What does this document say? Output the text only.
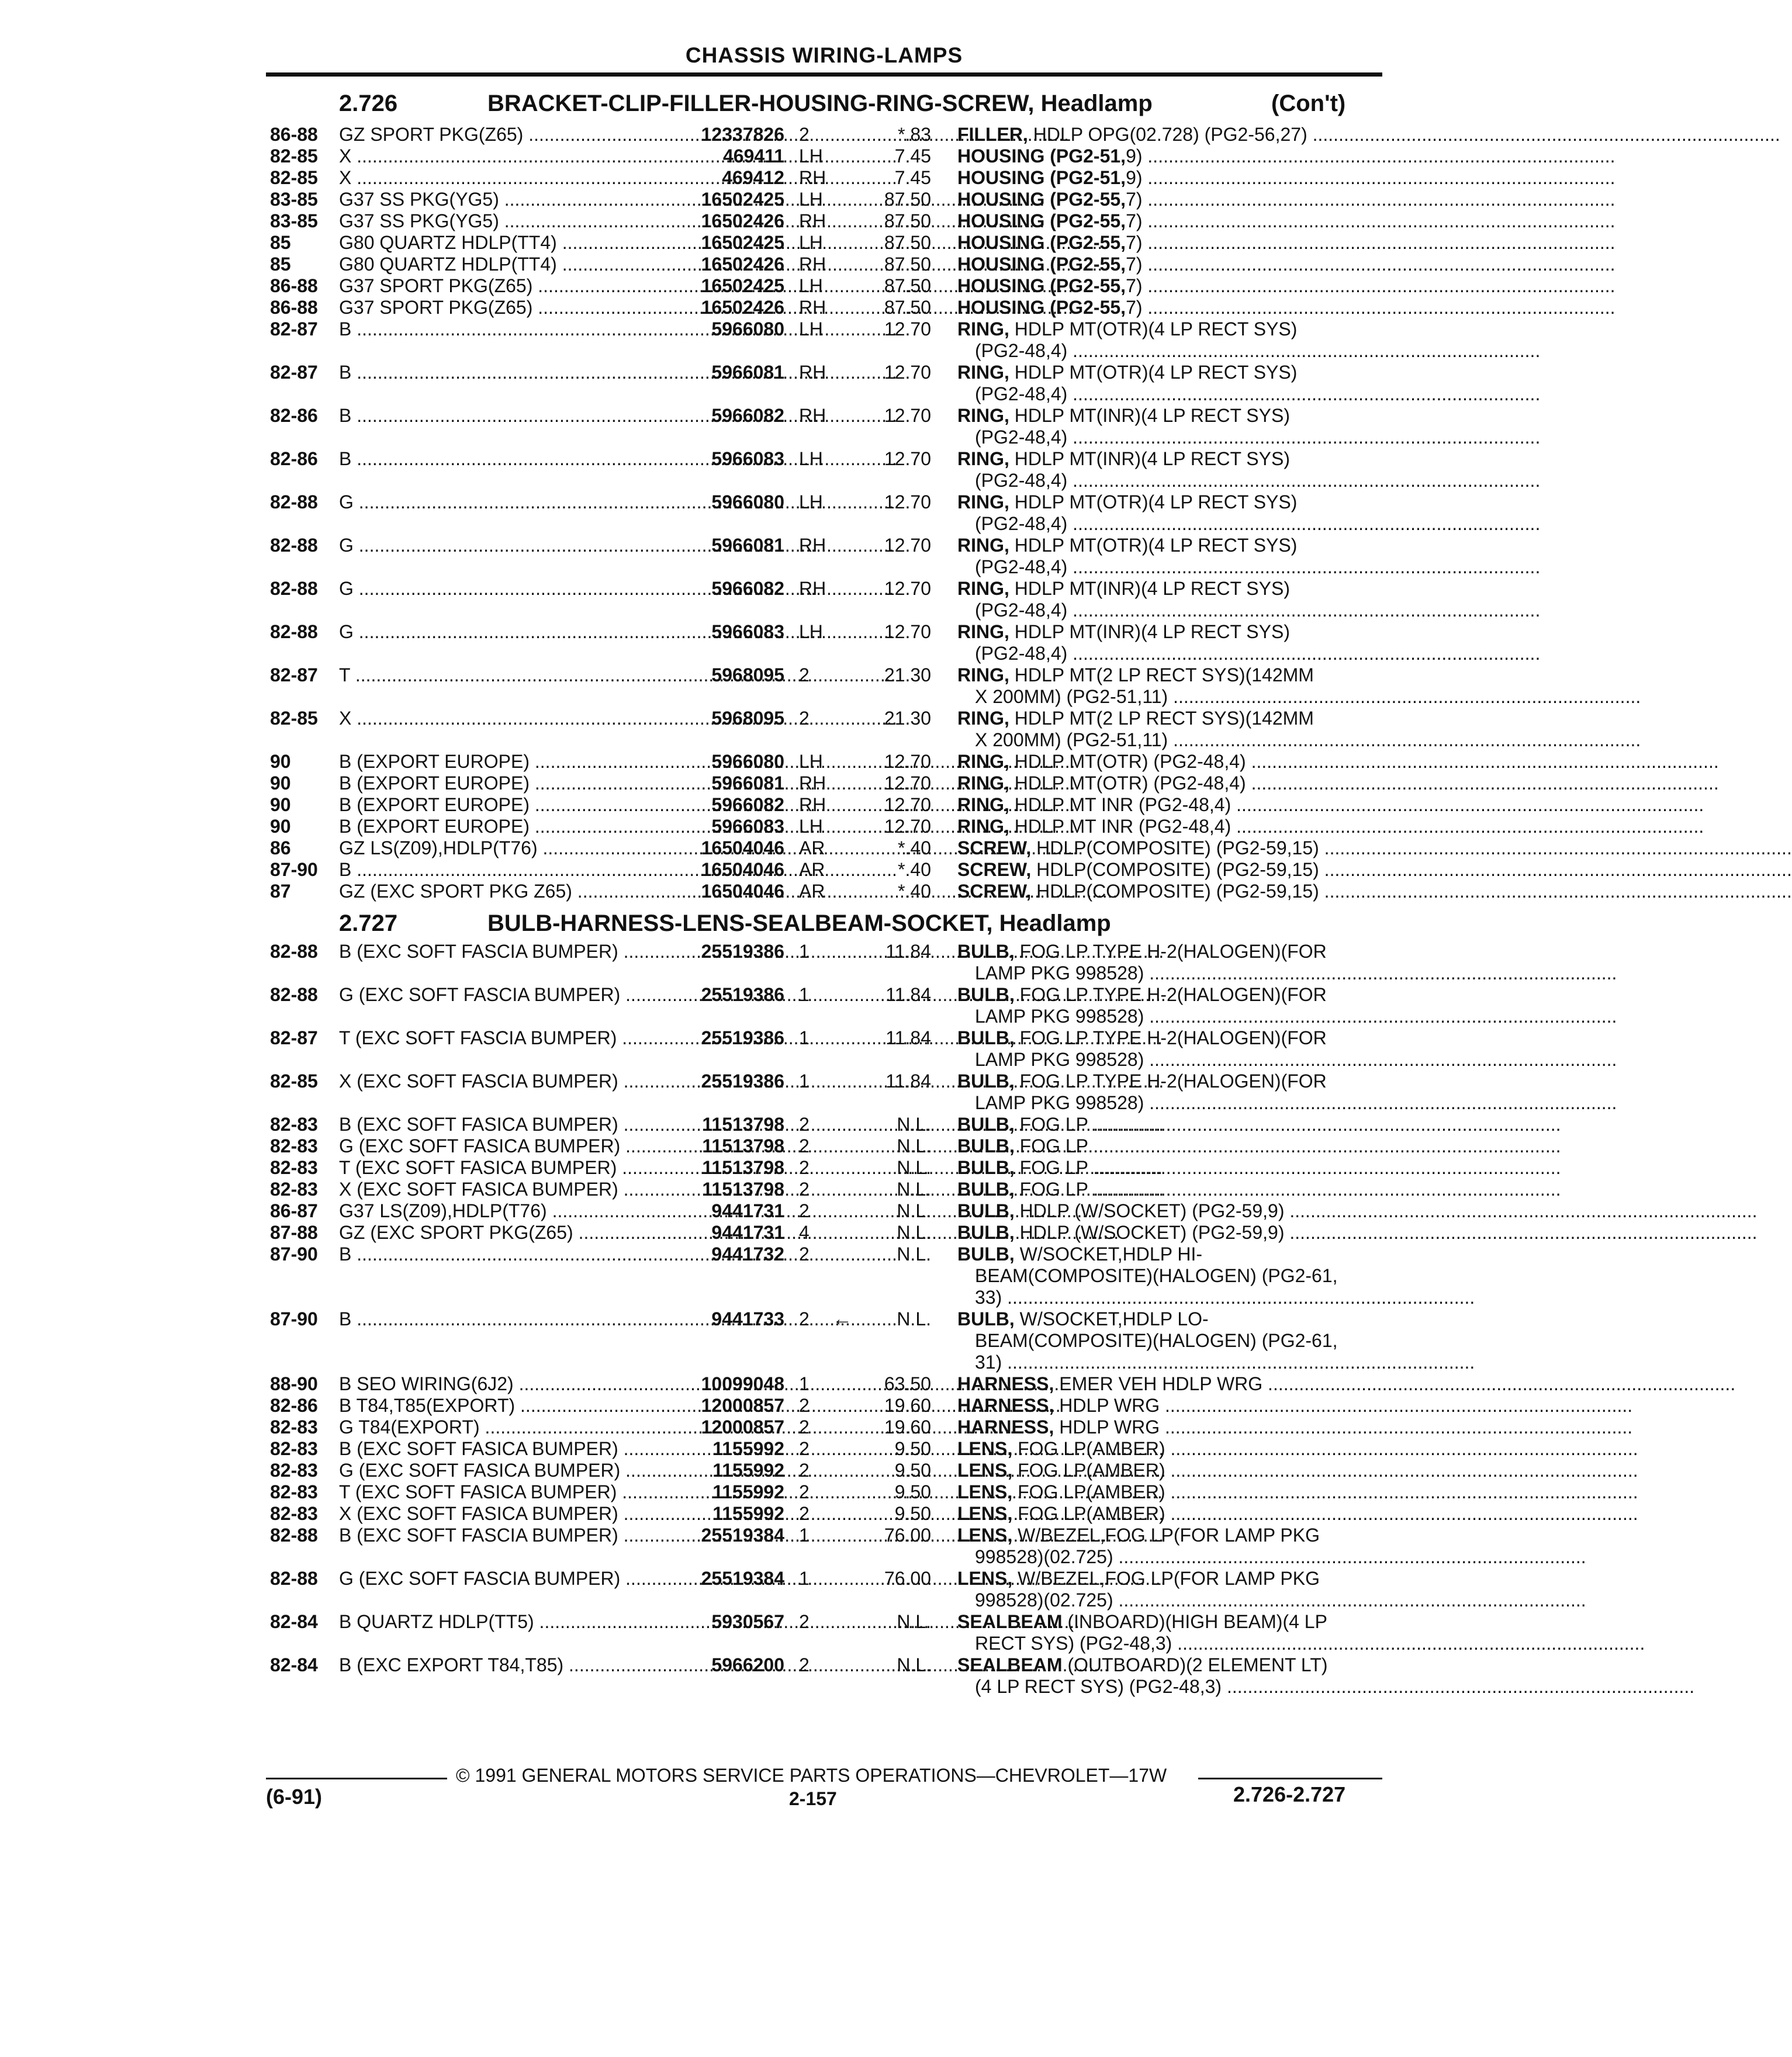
CHASSIS WIRING-LAMPS
2.726	BRACKET-CLIP-FILLER-HOUSING-RING-SCREW, Headlamp	(Con't)
86-88 GZ SPORT PKG(Z65) .....	12337826 2	*.83 FILLER, HDLP OPG(02.728) (PG2-56,27) ..........................................................................................
82-85 X .....	469411 LH	7.45 HOUSING (PG2-51,9) ..........................................................................................
82-85 X .....	469412 RH	7.45 HOUSING (PG2-51,9) ..........................................................................................
83-85 G37 SS PKG(YG5) .....	16502425 LH	87.50 HOUSING (PG2-55,7) ..........................................................................................
83-85 G37 SS PKG(YG5) .....	16502426 RH	87.50 HOUSING (PG2-55,7) ..........................................................................................
85	G80 QUARTZ HDLP(TT4) .....	16502425 LH	87.50 HOUSING (PG2-55,7) ..........................................................................................
85	G80 QUARTZ HDLP(TT4) .....	16502426 RH	87.50 HOUSING (PG2-55,7) ..........................................................................................
86-88 G37 SPORT PKG(Z65) .....	16502425 LH	87.50 HOUSING (PG2-55,7) ..........................................................................................
86-88 G37 SPORT PKG(Z65) .....	16502426 RH	87.50 HOUSING (PG2-55,7) ..........................................................................................
82-87 B .....	5966080 LH	12.70 RING, HDLP MT(OTR)(4 LP RECT SYS)
(PG2-48,4) ..........................................................................................
82-87 B .....	5966081 RH	12.70 RING, HDLP MT(OTR)(4 LP RECT SYS)
(PG2-48,4) ..........................................................................................
82-86 B .....	5966082 RH	12.70 RING, HDLP MT(INR)(4 LP RECT SYS)
(PG2-48,4) ..........................................................................................
82-86 B .....	5966083 LH	12.70 RING, HDLP MT(INR)(4 LP RECT SYS)
(PG2-48,4) ..........................................................................................
82-88 G .....	5966080 LH	12.70 RING, HDLP MT(OTR)(4 LP RECT SYS)
(PG2-48,4) ..........................................................................................
82-88 G .....	5966081 RH	12.70 RING, HDLP MT(OTR)(4 LP RECT SYS)
(PG2-48,4) ..........................................................................................
82-88 G .....	5966082 RH	12.70 RING, HDLP MT(INR)(4 LP RECT SYS)
(PG2-48,4) ..........................................................................................
82-88 G .....	5966083 LH	12.70 RING, HDLP MT(INR)(4 LP RECT SYS)
(PG2-48,4) ..........................................................................................
82-87 T .....	5968095 2	21.30 RING, HDLP MT(2 LP RECT SYS)(142MM
X 200MM) (PG2-51,11) ..........................................................................................
82-85 X .....	5968095 2	21.30 RING, HDLP MT(2 LP RECT SYS)(142MM
X 200MM) (PG2-51,11) ..........................................................................................
90	B (EXPORT EUROPE) .....	5966080 LH	12.70 RING, HDLP MT(OTR) (PG2-48,4) ..........................................................................................
90	B (EXPORT EUROPE) .....	5966081 RH	12.70 RING, HDLP MT(OTR) (PG2-48,4) ..........................................................................................
90	B (EXPORT EUROPE) .....	5966082 RH	12.70 RING, HDLP MT INR (PG2-48,4) ..........................................................................................
90	B (EXPORT EUROPE) .....	5966083 LH	12.70 RING, HDLP MT INR (PG2-48,4) ..........................................................................................
86	GZ LS(Z09),HDLP(T76) .....	16504046 AR	*.40 SCREW, HDLP(COMPOSITE) (PG2-59,15) ..........................................................................................
87-90 B .....	16504046 AR	*.40 SCREW, HDLP(COMPOSITE) (PG2-59,15) ..........................................................................................
87	GZ (EXC SPORT PKG Z65) .....	16504046 AR	*.40 SCREW, HDLP(COMPOSITE) (PG2-59,15) ..........................................................................................
2.727	BULB-HARNESS-LENS-SEALBEAM-SOCKET, Headlamp
82-88 B (EXC SOFT FASCIA BUMPER) .....	25519386 1	11.84 BULB, FOG LP TYPE H-2(HALOGEN)(FOR
LAMP PKG 998528) ..........................................................................................
82-88 G (EXC SOFT FASCIA BUMPER) .....	25519386 1	11.84 BULB, FOG LP TYPE H-2(HALOGEN)(FOR
LAMP PKG 998528) ..........................................................................................
82-87 T (EXC SOFT FASCIA BUMPER) .....	25519386 1	11.84 BULB, FOG LP TYPE H-2(HALOGEN)(FOR
LAMP PKG 998528) ..........................................................................................
82-85 X (EXC SOFT FASCIA BUMPER) .....	25519386 1	11.84 BULB, FOG LP TYPE H-2(HALOGEN)(FOR
LAMP PKG 998528) ..........................................................................................
82-83 B (EXC SOFT FASICA BUMPER) .....	11513798 2	N.L. BULB, FOG LP ..........................................................................................
82-83 G (EXC SOFT FASICA BUMPER) .....	11513798 2	N.L. BULB, FOG LP ..........................................................................................
82-83 T (EXC SOFT FASICA BUMPER) .....	11513798 2	N.L. BULB, FOG LP ..........................................................................................
82-83 X (EXC SOFT FASICA BUMPER) .....	11513798 2	N.L. BULB, FOG LP ..........................................................................................
86-87 G37 LS(Z09),HDLP(T76) .....	9441731 2	N.L. BULB, HDLP (W/SOCKET) (PG2-59,9) ..........................................................................................
87-88 GZ (EXC SPORT PKG(Z65) .....	9441731 4	N.L. BULB, HDLP (W/SOCKET) (PG2-59,9) ..........................................................................................
87-90 B .....	9441732 2	N.L. BULB, W/SOCKET,HDLP HI-
BEAM(COMPOSITE)(HALOGEN) (PG2-61,
33) ..........................................................................................
87-90 B .....	9441733 2	N.L. BULB, W/SOCKET,HDLP LO-
BEAM(COMPOSITE)(HALOGEN) (PG2-61,
31) ..........................................................................................
←
88-90 B SEO WIRING(6J2) .....	10099048 1	63.50 HARNESS, EMER VEH HDLP WRG ..........................................................................................
82-86 B T84,T85(EXPORT) .....	12000857 2	19.60 HARNESS, HDLP WRG ..........................................................................................
82-83 G T84(EXPORT) .....	12000857 2	19.60 HARNESS, HDLP WRG ..........................................................................................
82-83 B (EXC SOFT FASICA BUMPER) .....	1155992 2	9.50 LENS, FOG LP(AMBER) ..........................................................................................
82-83 G (EXC SOFT FASICA BUMPER) .....	1155992 2	9.50 LENS, FOG LP(AMBER) ..........................................................................................
82-83 T (EXC SOFT FASICA BUMPER) .....	1155992 2	9.50 LENS, FOG LP(AMBER) ..........................................................................................
82-83 X (EXC SOFT FASICA BUMPER) .....	1155992 2	9.50 LENS, FOG LP(AMBER) ..........................................................................................
82-88 B (EXC SOFT FASCIA BUMPER) .....	25519384 1	76.00 LENS, W/BEZEL,FOG LP(FOR LAMP PKG
998528)(02.725) ..........................................................................................
82-88 G (EXC SOFT FASCIA BUMPER) .....	25519384 1	76.00 LENS, W/BEZEL,FOG LP(FOR LAMP PKG
998528)(02.725) ..........................................................................................
82-84 B QUARTZ HDLP(TT5) .....	5930567 2	N.L. SEALBEAM (INBOARD)(HIGH BEAM)(4 LP
RECT SYS) (PG2-48,3) ..........................................................................................
82-84 B (EXC EXPORT T84,T85) .....	5966200 2	N.L. SEALBEAM (OUTBOARD)(2 ELEMENT LT)
(4 LP RECT SYS) (PG2-48,3) ..........................................................................................
© 1991 GENERAL MOTORS SERVICE PARTS OPERATIONS—CHEVROLET—17W
(6-91)	2-157	2.726-2.727
